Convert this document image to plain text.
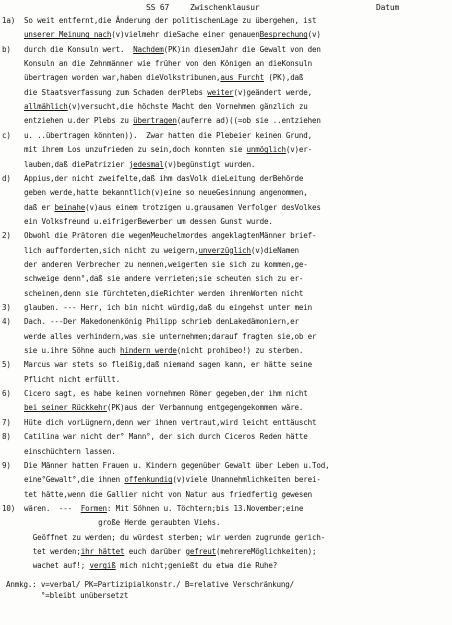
SS 67	Zwischenklausur	Datum
1a)	So weit entfernt,die Änderung der politischenLage zu übergehen, ist
unserer Meinung nach(v)vielmehr dieSache einer genauenBesprechung(v)
b)	durch die Konsuln wert.  Nachdem(PK)in diesemJahr die Gewalt von den
Konsuln an die Zehnmänner wie früher von den Königen an dieKonsuln
übertragen worden war,haben dieVolkstribunen,aus Furcht (PK),daß
die Staatsverfassung zum Schaden derPlebs weiter(v)geändert werde,
allmählich(v)versucht,die höchste Macht den Vornehmen gänzlich zu
entziehen u.der Plebs zu übertragen(auferre ad)((=ob sie ..entziehen
c)	u. ..übertragen könnten)).  Zwar hatten die Plebeier keinen Grund,
mit ihrem Los unzufrieden zu sein,doch konnten sie unmöglich(v)er-
lauben,daß diePatrizier jedesmal(v)begünstigt wurden.
d)	Appius,der nicht zweifelte,daß ihm dasVolk dieLeitung derBehörde
geben werde,hatte bekanntlich(v)eine so neueGesinnung angenommen,
daß er beinahe(v)aus einem trotzigen u.grausamen Verfolger desVolkes
ein Volksfreund u.eifrigerBewerber um dessen Gunst wurde.
2)	Obwohl die Prätoren die wegenMeuchelmordes angeklagtenMänner brief-
lich aufforderten,sich nicht zu weigern,unverzüglich(v)dieNamen
der anderen Verbrecher zu nennen,weigerten sie sich zu kommen,ge-
schweige denn°,daß sie andere verrieten;sie scheuten sich zu er-
scheinen,denn sie fürchteten,dieRichter werden ihrenWorten nicht
3)	glauben. --- Herr, ich bin nicht würdig,daß du eingehst unter mein
4)	Dach. ---Der Makedonenkönig Philipp schrieb denLakedämoniern,er
werde alles verhindern,was sie unternehmen;darauf fragten sie,ob er
sie u.ihre Söhne auch hindern werde(nicht prohibeo!) zu sterben.
5)	Marcus war stets so fleißig,daß niemand sagen kann, er hätte seine
Pflicht nicht erfüllt.
6)	Cicero sagt, es habe keinen vornehmen Römer gegeben,der ihm nicht
bei seiner Rückkehr(PK)aus der Verbannung entgegengekommen wäre.
7)	Hüte dich vorLügnern,denn wer ihnen vertraut,wird leicht enttäuscht
8)	Catilina war nicht der° Mann°, der sich durch Ciceros Reden hätte
einschüchtern lassen.
9)	Die Männer hatten Frauen u. Kindern gegenüber Gewalt über Leben u.Tod,
eine°Gewalt°,die ihnen offenkundig(v)viele Unannehmlichkeiten berei-
tet hätte,wenn die Gallier nicht von Natur aus friedfertig gewesen
10)	wären.  ---  Formen: Mit Söhnen u. Töchtern;bis 13.November;eine
große Herde geraubten Viehs.
Geöffnet zu werden; du würdest sterben; wir werden zugrunde gerich-
tet werden;ihr hättet euch darüber gefreut(mehrereMöglichkeiten);
wachet auf!; vergiß mich nicht;genießt du etwa die Ruhe?
Anmkg.: v=verbal/ PK=Partizipialkonstr./ B=relative Verschränkung/
°=bleibt unübersetzt
